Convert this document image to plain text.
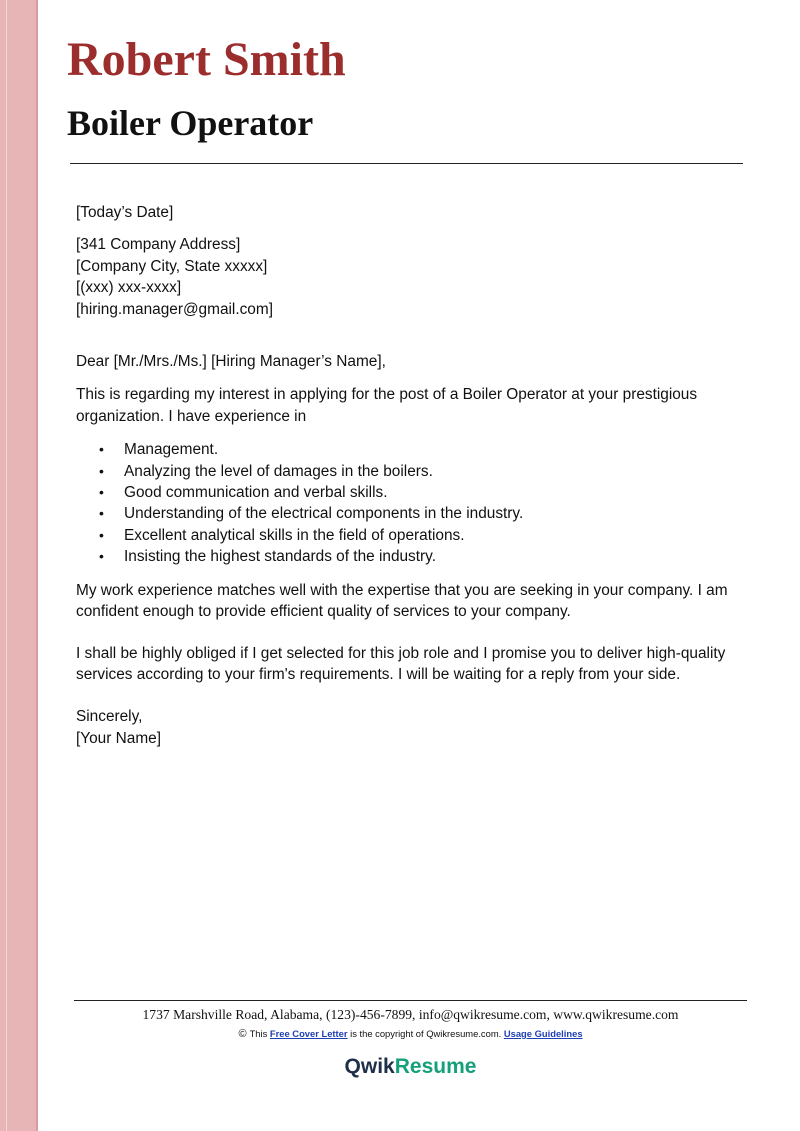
Robert Smith
Boiler Operator

[Today’s Date]

[341 Company Address]
[Company City, State xxxxx]
[(xxx) xxx-xxxx]
[hiring.manager@gmail.com]

Dear [Mr./Mrs./Ms.] [Hiring Manager’s Name],

This is regarding my interest in applying for the post of a Boiler Operator at your prestigious organization. I have experience in

• Management.
• Analyzing the level of damages in the boilers.
• Good communication and verbal skills.
• Understanding of the electrical components in the industry.
• Excellent analytical skills in the field of operations.
• Insisting the highest standards of the industry.

My work experience matches well with the expertise that you are seeking in your company. I am confident enough to provide efficient quality of services to your company.

I shall be highly obliged if I get selected for this job role and I promise you to deliver high-quality services according to your firm's requirements. I will be waiting for a reply from your side.

Sincerely,

[Your Name]

1737 Marshville Road, Alabama, (123)-456-7899, info@qwikresume.com, www.qwikresume.com
© This Free Cover Letter is the copyright of Qwikresume.com. Usage Guidelines
QwikResume
